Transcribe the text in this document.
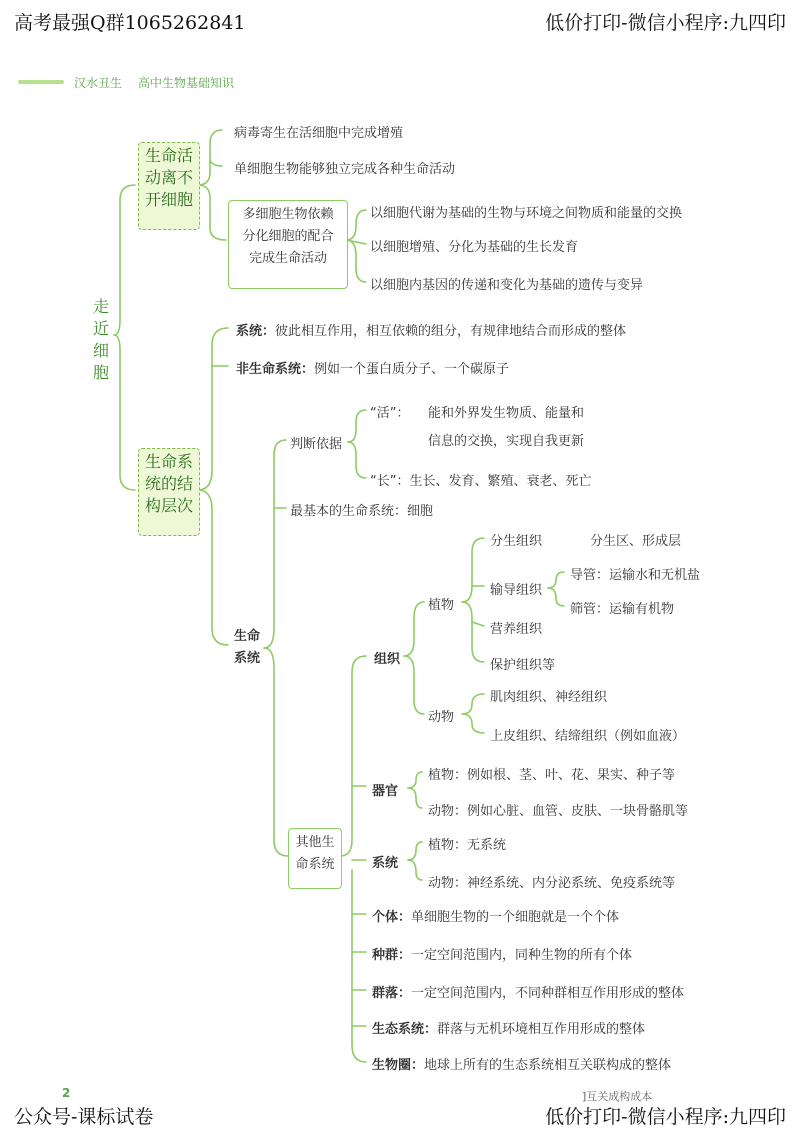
高考最强Q群1065262841	低价打印-微信小程序:九四印
汉水丑生 高中生物基础知识
走近细胞
生命活
动离不
开细胞
病毒寄生在活细胞中完成增殖
单细胞生物能够独立完成各种生命活动
多细胞生物依赖
分化细胞的配合
完成生命活动
以细胞代谢为基础的生物与环境之间物质和能量的交换
以细胞增殖、分化为基础的生长发育
以细胞内基因的传递和变化为基础的遗传与变异
生命系
统的结
构层次
系统：彼此相互作用，相互依赖的组分，有规律地结合而形成的整体
非生命系统：例如一个蛋白质分子、一个碳原子
生命
系统
判断依据
“活”： 能和外界发生物质、能量和
信息的交换，实现自我更新
“长”：生长、发育、繁殖、衰老、死亡
最基本的生命系统：细胞
其他生
命系统
组织
植物
分生组织	分生区、形成层
输导组织
导管：运输水和无机盐
筛管：运输有机物
营养组织
保护组织等
动物
肌肉组织、神经组织
上皮组织、结缔组织（例如血液）
器官
植物：例如根、茎、叶、花、果实、种子等
动物：例如心脏、血管、皮肤、一块骨骼肌等
系统
植物：无系统
动物：神经系统、内分泌系统、免疫系统等
个体：单细胞生物的一个细胞就是一个个体
种群：一定空间范围内，同种生物的所有个体
群落：一定空间范围内，不同种群相互作用形成的整体
生态系统：群落与无机环境相互作用形成的整体
生物圈：地球上所有的生态系统相互关联构成的整体
2	]互关成构成本
公众号-课标试卷	低价打印-微信小程序:九四印
